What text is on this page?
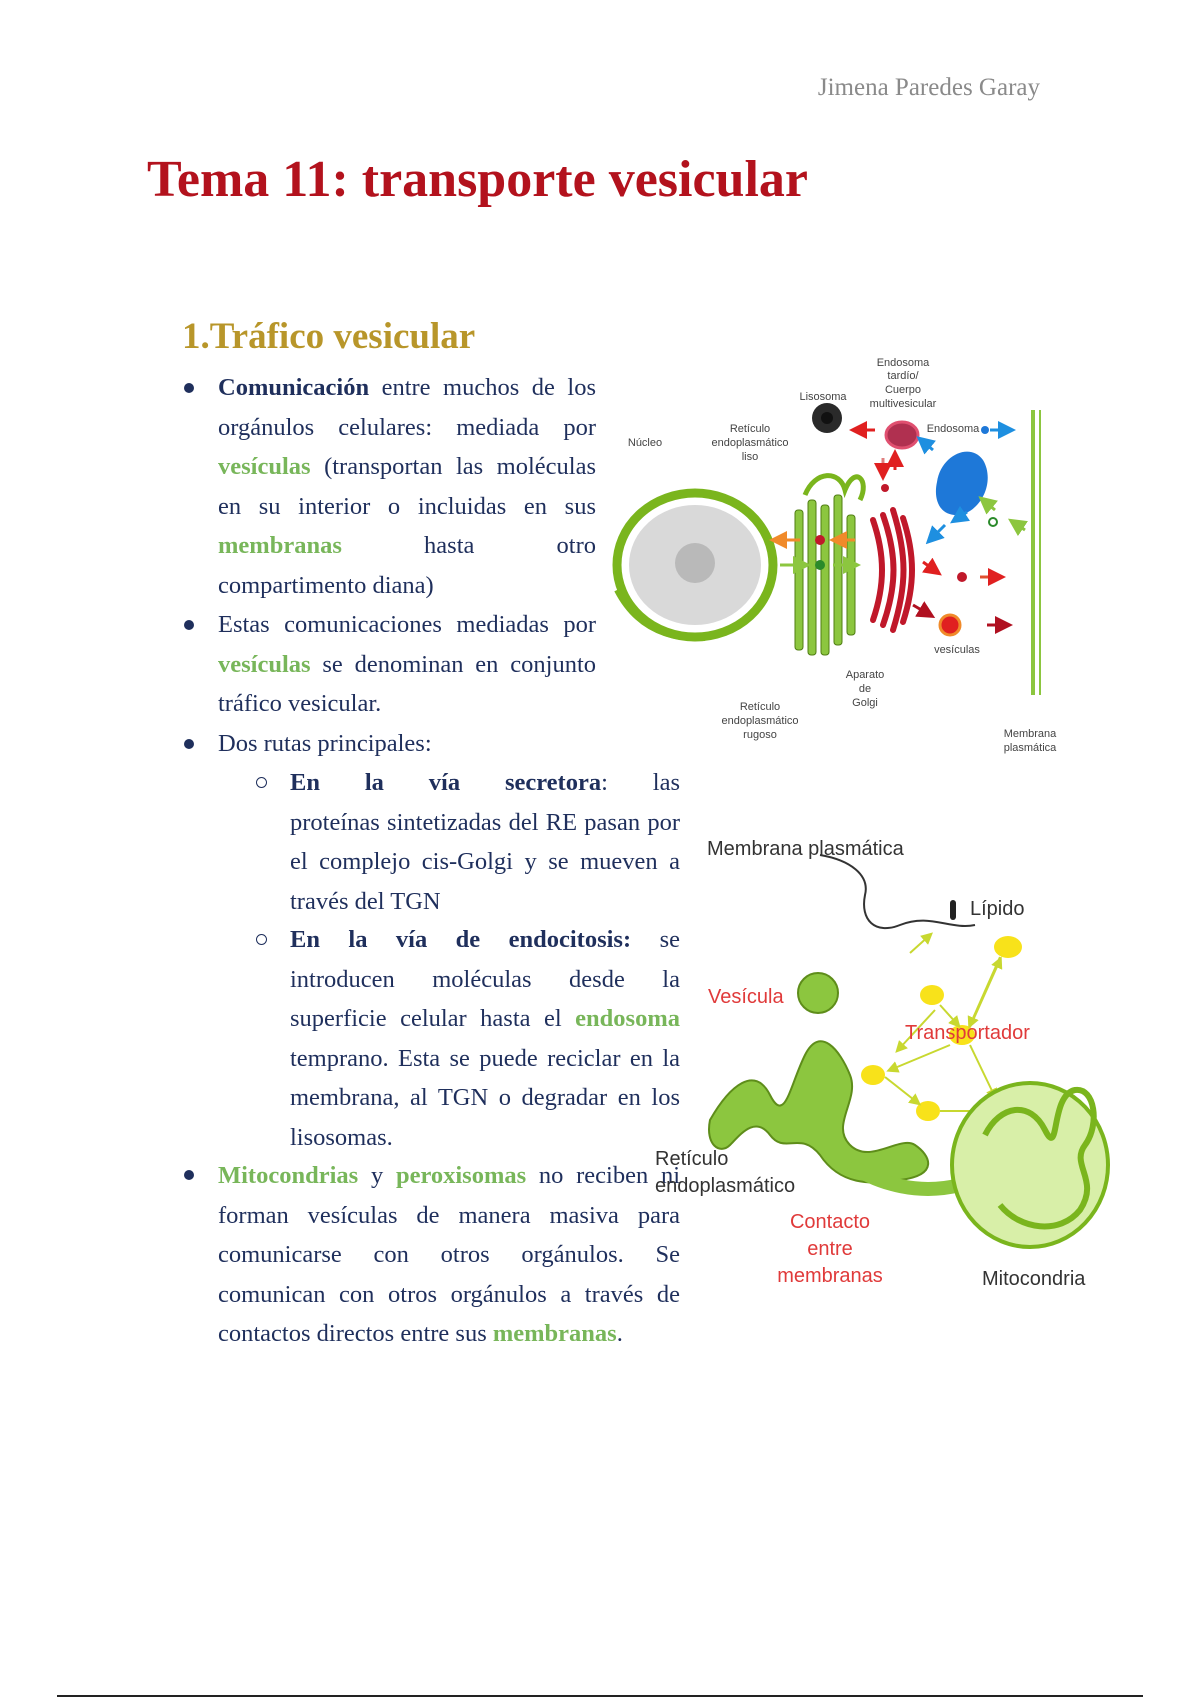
Jimena Paredes Garay
Tema 11: transporte vesicular
1.Tráfico vesicular

Comunicación entre muchos de los

orgánulos celulares: mediada por

vesículas (transportan las moléculas

en su interior o incluidas en sus

membranas	hasta otro

compartimento diana)

Estas comunicaciones mediadas por

vesículas se denominan en conjunto

tráfico vesicular.

Dos rutas principales:

En la vía secretora: las

proteínas sintetizadas del RE pasan por

el complejo cis-Golgi y se mueven a

través del TGN

En la vía de endocitosis: se

introducen moléculas desde la

superficie celular hasta el endosoma

temprano. Esta se puede reciclar en la

membrana, al TGN o degradar en los

lisosomas.

Mitocondrias y peroxisomas no reciben ni

forman vesículas de manera masiva para

comunicarse con otros orgánulos. Se

comunican con otros orgánulos a través de

contactos directos entre sus membranas.

Núcleo
Retículo
endoplasmático
liso
Lisosoma
Endosoma
tardío/
Cuerpo
multivesicular
Endosoma
vesículas
Retículo
endoplasmático
rugoso
Aparato
de
Golgi
Membrana
plasmática
Membrana plasmática
Lípido
Vesícula
Transportador
Retículo
endoplasmático
Contacto
entre
membranas	Mitocondria
